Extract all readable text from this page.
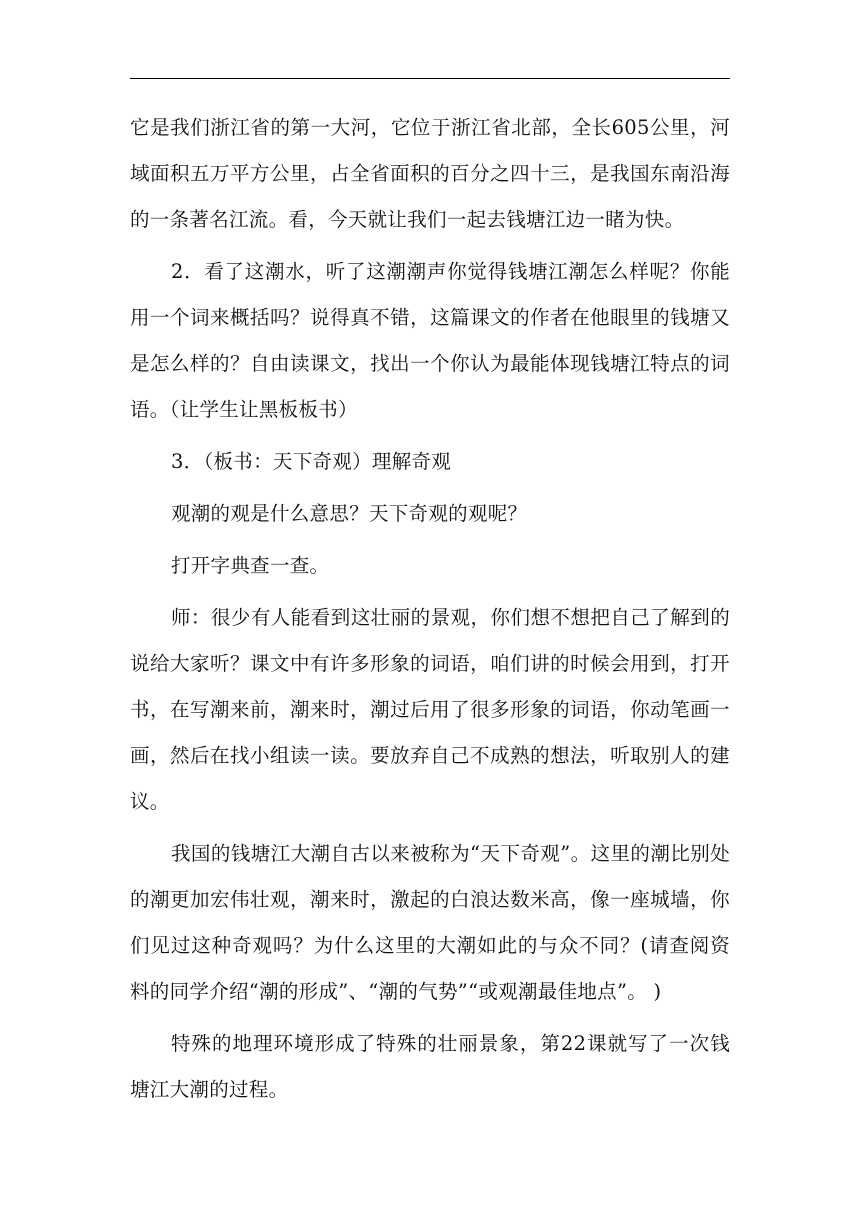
它是我们浙江省的第一大河，它位于浙江省北部，全长605公里，河域面积五万平方公里，占全省面积的百分之四十三，是我国东南沿海的一条著名江流。看，今天就让我们一起去钱塘江边一睹为快。

2．看了这潮水，听了这潮潮声你觉得钱塘江潮怎么样呢？你能用一个词来概括吗？说得真不错，这篇课文的作者在他眼里的钱塘又是怎么样的？自由读课文，找出一个你认为最能体现钱塘江特点的词语。（让学生让黑板板书）

3．（板书：天下奇观）理解奇观

观潮的观是什么意思？天下奇观的观呢？

打开字典查一查。

师：很少有人能看到这壮丽的景观，你们想不想把自己了解到的说给大家听？课文中有许多形象的词语，咱们讲的时候会用到，打开书，在写潮来前，潮来时，潮过后用了很多形象的词语，你动笔画一画，然后在找小组读一读。要放弃自己不成熟的想法，听取别人的建议。

我国的钱塘江大潮自古以来被称为“天下奇观”。这里的潮比别处的潮更加宏伟壮观，潮来时，激起的白浪达数米高，像一座城墙，你们见过这种奇观吗？为什么这里的大潮如此的与众不同？(请查阅资料的同学介绍“潮的形成”、“潮的气势”“或观潮最佳地点”。 )

特殊的地理环境形成了特殊的壮丽景象，第22课就写了一次钱塘江大潮的过程。
